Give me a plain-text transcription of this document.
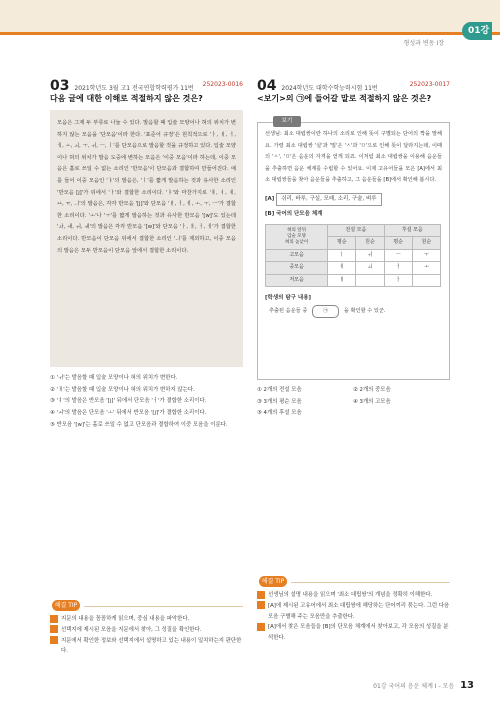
형성과 변동 Ⅰ장
01강
03 2021학년도 3월 고1 전국연합학력평가 11번
252023-0016
다음 글에 대한 이해로 적절하지 않은 것은?
모음은 그제 두 부류로 나눌 수 있다. 발음할 때 입술 모양이나 혀의 위치가 변하지 않는 모음을 '단모음'이라 한다. '표준어 규정'은 원칙적으로 'ㅏ, ㅐ, ㅓ, ㅔ, ㅗ, ㅚ, ㅜ, ㅟ, ㅡ, ㅣ'를 단모음으로 발음할 것을 규정하고 있다. 입술 모양이나 혀의 위치가 발음 도중에 변하는 모음은 '이중 모음'이라 하는데, 이중 모음은 홀로 쓰일 수 없는 소리인 '반모음'이 단모음과 결합하여 만들어진다. 예를 들어 이중 모음인 'ㅑ'의 발음은, 'ㅣ'를 짧게 발음하는 것과 유사한 소리인 '반모음 [j]'가 뒤에서 'ㅏ'와 결합한 소리이다. 'ㅑ'와 마찬가지로 'ㅒ, ㅕ, ㅖ, ㅛ, ㅠ, ㅢ'의 발음은, 각각 반모음 '[j]'와 단모음 'ㅐ, ㅓ, ㅔ, ㅗ, ㅜ, ㅡ'가 결합한 소리이다. 'ㅗ'나 'ㅜ'를 짧게 발음하는 것과 유사한 반모음 '[w]'도 있는데 'ㅘ, ㅙ, ㅝ, ㅞ'의 발음은 각각 반모음 '[w]'와 단모음 'ㅏ, ㅐ, ㅓ, ㅔ'가 결합한 소리이다. 반모음이 단모음 뒤에서 결합한 소리인 'ㅢ'를 제외하고, 이중 모음의 발음은 모두 반모음이 단모음 앞에서 결합한 소리이다.
① 'ㅟ'는 발음할 때 입술 모양이나 혀의 위치가 변한다.
② 'ㅐ'는 발음할 때 입술 모양이나 혀의 위치가 변하지 않는다.
③ 'ㅕ'의 발음은 반모음 '[j]' 뒤에서 단모음 'ㅓ'가 결합한 소리이다.
④ 'ㅚ'의 발음은 단모음 'ㅗ' 뒤에서 반모음 '[j]'가 결합한 소리이다.
⑤ 반모음 '[w]'는 홀로 쓰일 수 없고 단모음과 결합하여 이중 모음을 이룬다.
04 2024학년도 대학수학능력시험 11번
252023-0017
<보기>의 ㉠에 들어갈 말로 적절하지 않은 것은?
선생님: 최소 대립쌍이란 하나의 소리로 인해 뜻이 구별되는 단어의 짝을 말해요. 가령 최소 대립쌍 '실'과 '밀'은 'ㅅ'과 'ㅁ'으로 인해 뜻이 달라지는데, 이때의 'ㅅ', 'ㅁ'은 음운의 자격을 얻게 되죠. 이처럼 최소 대립쌍을 이용해 음운들을 추출하면 음운 체계를 수립할 수 있어요. 이제 고유어들을 모은 [A]에서 최소 대립쌍들을 찾아 음운들을 추출하고, 그 음운들을 [B]에서 확인해 봅시다.
[A] 쉬리, 바루, 구실, 모래, 소리, 구술, 벼루
[B] 국어의 단모음 체계
혀의 앞뒤
입술 모양
혀의 높낮이	전설 모음		후설 모음	
	평순	원순	평순	원순
고모음	ㅣ	ㅟ	ㅡ	ㅜ
중모음	ㅔ	ㅚ	ㅓ	ㅗ
저모음	ㅐ		ㅏ	
[학생의 탐구 내용]
추출된 음운들 중	㉠	을 확인할 수 있군.
보기
① 2개의 전설 모음	② 2개의 중모음
③ 3개의 평순 모음	④ 3개의 고모음
⑤ 4개의 후설 모음
해결 TIP
1 지문의 내용을 꼼꼼하게 읽으며, 중심 내용을 파악한다.
2 선택지에 제시된 모음을 지문에서 찾아, 그 성질을 확인한다.
3 지문에서 확인한 정보와 선택지에서 설명하고 있는 내용이 일치하는지 판단한다.
해결 TIP
1 선생님의 설명 내용을 읽으며 '최소 대립쌍'의 개념을 정확히 이해한다.
2 [A]에 제시된 고유어에서 최소 대립쌍에 해당하는 단어끼리 묶는다. 그런 다음 모음 구별해 주는 모음만을 추출한다.
3 [A]에서 찾은 모음들을 [B]의 단모음 체계에서 찾아보고, 각 모음의 성질을 분석한다.
01강 국어의 음운 체계 Ⅰ - 모음 13
